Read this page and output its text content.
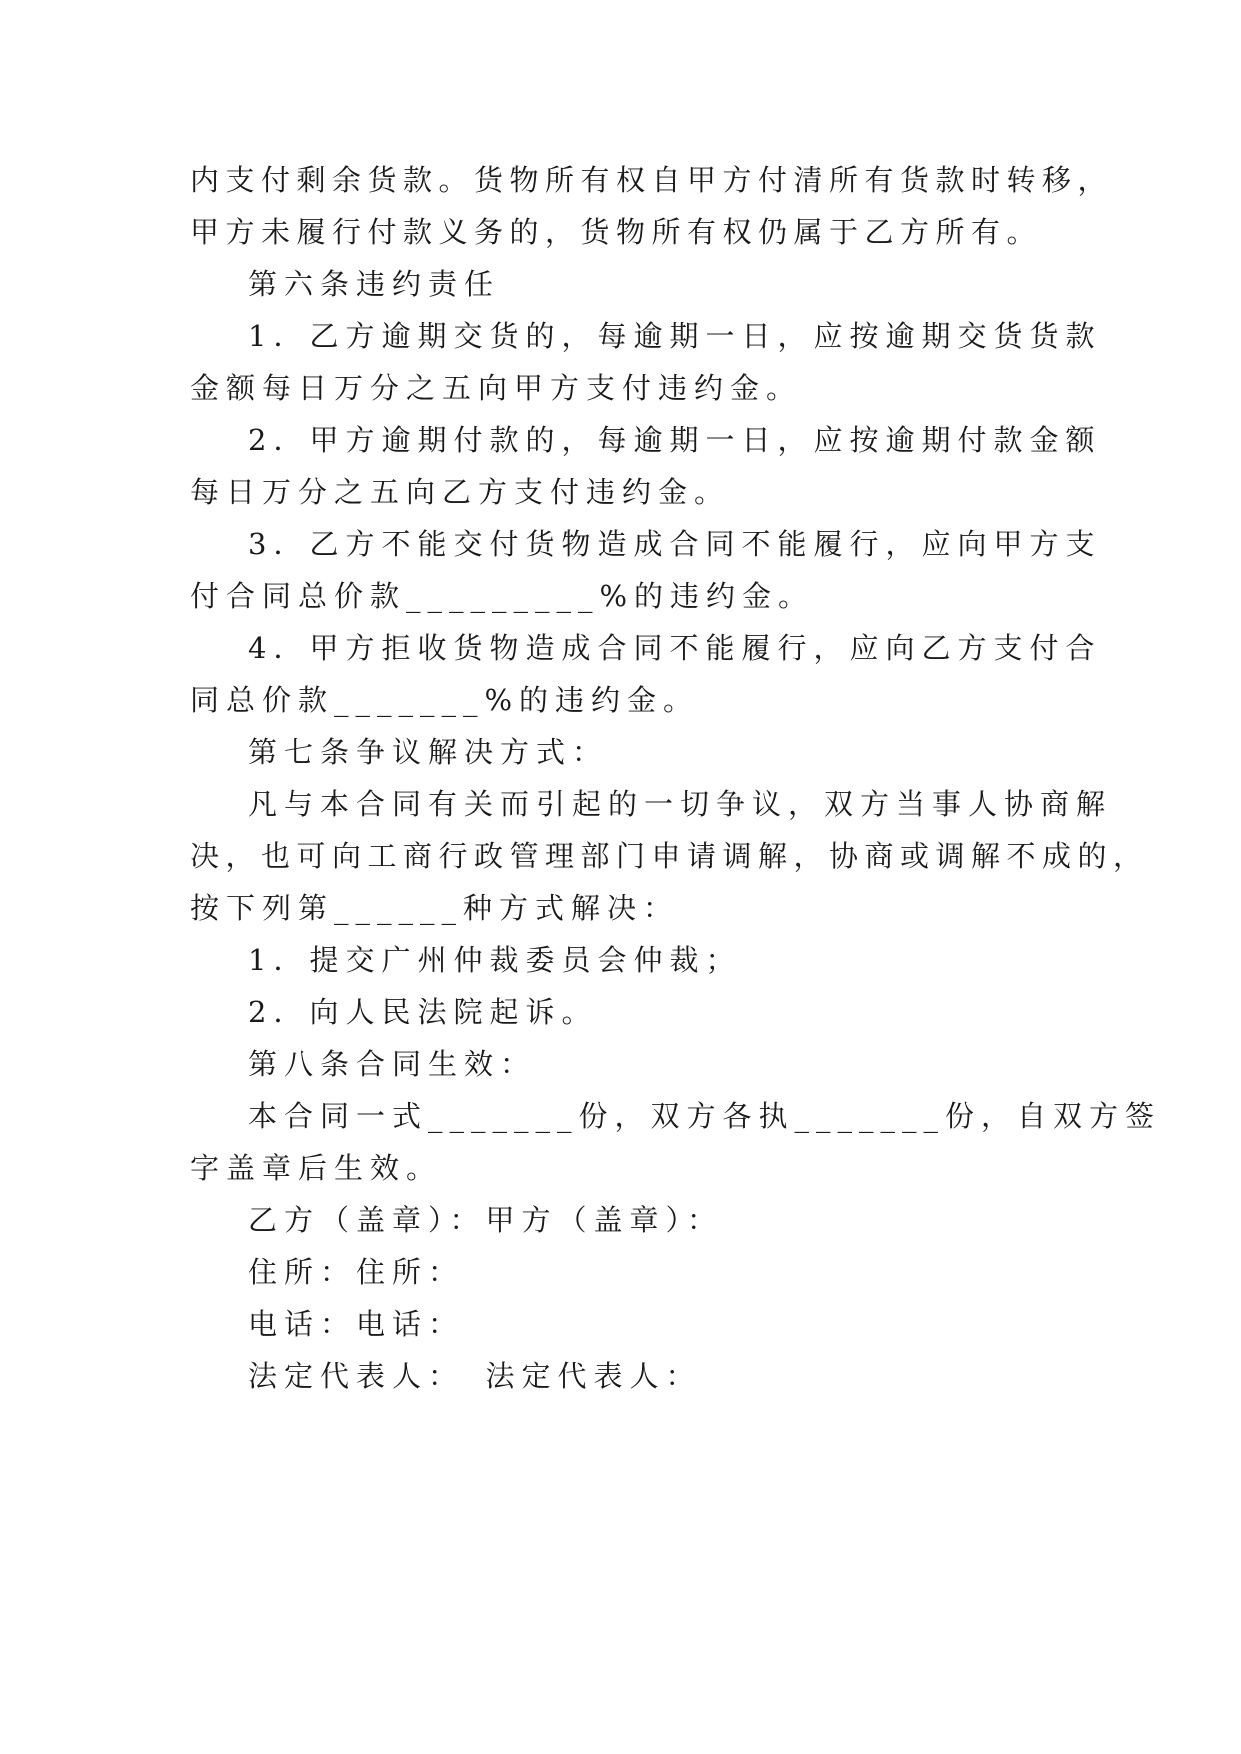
内支付剩余货款。货物所有权自甲方付清所有货款时转移，
甲方未履行付款义务的，货物所有权仍属于乙方所有。
第六条违约责任
1．乙方逾期交货的，每逾期一日，应按逾期交货货款
金额每日万分之五向甲方支付违约金。
2．甲方逾期付款的，每逾期一日，应按逾期付款金额
每日万分之五向乙方支付违约金。
3．乙方不能交付货物造成合同不能履行，应向甲方支
付合同总价款_________%的违约金。
4．甲方拒收货物造成合同不能履行，应向乙方支付合
同总价款_______%的违约金。
第七条争议解决方式：
凡与本合同有关而引起的一切争议，双方当事人协商解
决，也可向工商行政管理部门申请调解，协商或调解不成的，
按下列第______种方式解决：
1．提交广州仲裁委员会仲裁；
2．向人民法院起诉。
第八条合同生效：
本合同一式_______份，双方各执_______份，自双方签
字盖章后生效。
乙方（盖章）：甲方（盖章）：
住所：住所：
电话：电话：
法定代表人：　法定代表人：
